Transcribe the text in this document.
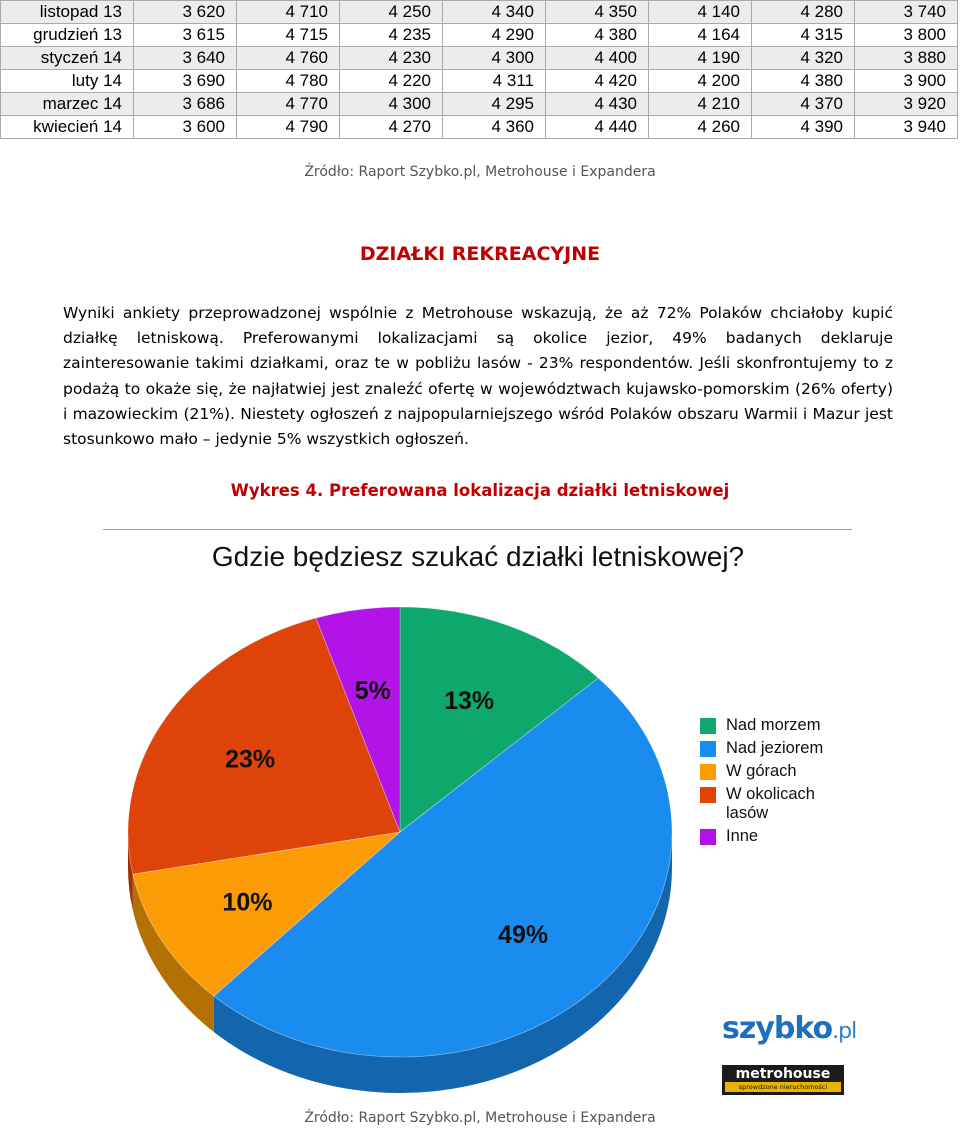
listopad 13	3 620	4 710	4 250	4 340	4 350	4 140	4 280	3 740
grudzień 13	3 615	4 715	4 235	4 290	4 380	4 164	4 315	3 800
styczeń 14	3 640	4 760	4 230	4 300	4 400	4 190	4 320	3 880
luty 14	3 690	4 780	4 220	4 311	4 420	4 200	4 380	3 900
marzec 14	3 686	4 770	4 300	4 295	4 430	4 210	4 370	3 920
kwiecień 14	3 600	4 790	4 270	4 360	4 440	4 260	4 390	3 940
Źródło: Raport Szybko.pl, Metrohouse i Expandera
DZIAŁKI REKREACYJNE
Wyniki ankiety przeprowadzonej wspólnie z Metrohouse wskazują, że aż 72% Polaków chciałoby kupić działkę letniskową. Preferowanymi lokalizacjami są okolice jezior, 49% badanych deklaruje zainteresowanie takimi działkami, oraz te w pobliżu lasów - 23% respondentów. Jeśli skonfrontujemy to z podażą to okaże się, że najłatwiej jest znaleźć ofertę w województwach kujawsko-pomorskim (26% oferty) i mazowieckim (21%). Niestety ogłoszeń z najpopularniejszego wśród Polaków obszaru Warmii i Mazur jest stosunkowo mało – jedynie 5% wszystkich ogłoszeń.
Wykres 4. Preferowana lokalizacja działki letniskowej
Gdzie będziesz szukać działki letniskowej?
13%
49%
10%
23%
5%
Nad morzem
Nad jeziorem
W górach
W okolicach lasów
Inne
szybko.pl
metrohouse
sprowdzone nieruchomości
Źródło: Raport Szybko.pl, Metrohouse i Expandera
